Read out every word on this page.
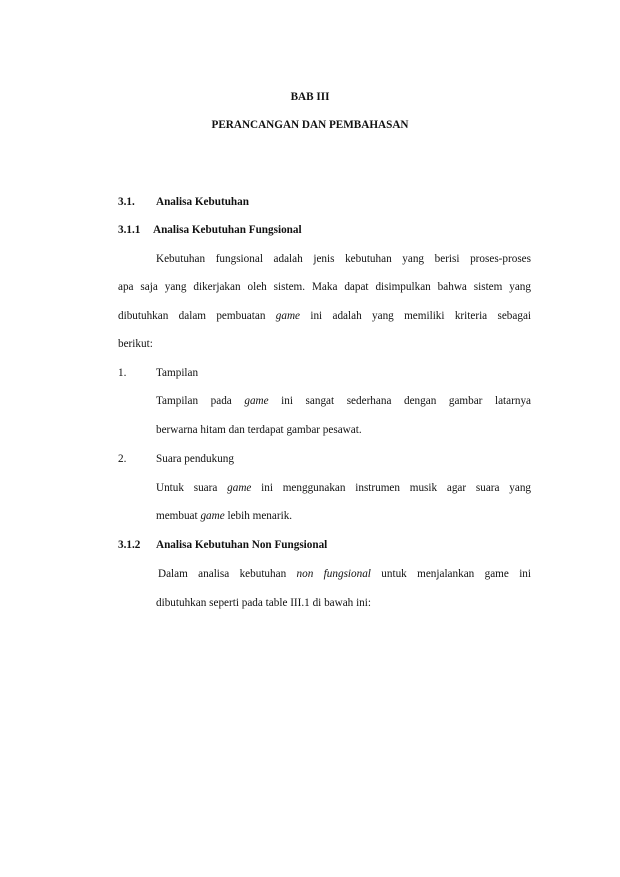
BAB III
PERANCANGAN DAN PEMBAHASAN
3.1. Analisa Kebutuhan
3.1.1 Analisa Kebutuhan Fungsional
Kebutuhan fungsional adalah jenis kebutuhan yang berisi proses-proses
apa saja yang dikerjakan oleh sistem. Maka dapat disimpulkan bahwa sistem yang
dibutuhkan dalam pembuatan game ini adalah yang memiliki kriteria sebagai
berikut:
1.	Tampilan
Tampilan pada game ini sangat sederhana dengan gambar latarnya
berwarna hitam dan terdapat gambar pesawat.
2.	Suara pendukung
Untuk suara game ini menggunakan instrumen musik agar suara yang
membuat game lebih menarik.
3.1.2 Analisa Kebutuhan Non Fungsional
Dalam analisa kebutuhan non fungsional untuk menjalankan game ini
dibutuhkan seperti pada table III.1 di bawah ini:
